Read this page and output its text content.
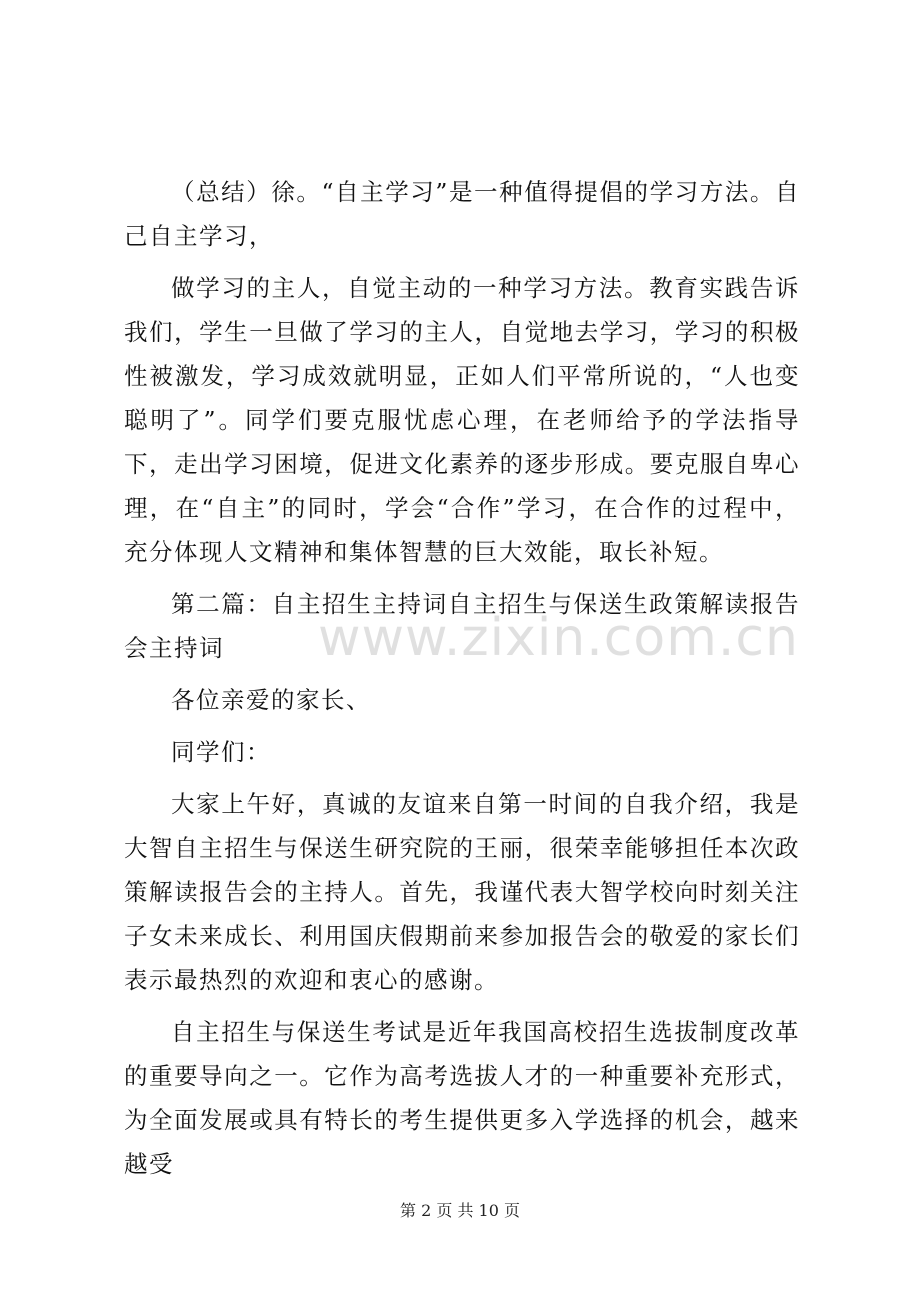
www.zixin.com.cn

（总结）徐。“自主学习”是一种值得提倡的学习方法。自己自主学习，

做学习的主人，自觉主动的一种学习方法。教育实践告诉我们，学生一旦做了学习的主人，自觉地去学习，学习的积极性被激发，学习成效就明显，正如人们平常所说的，“人也变聪明了”。同学们要克服忧虑心理，在老师给予的学法指导下，走出学习困境，促进文化素养的逐步形成。要克服自卑心理，在“自主”的同时，学会“合作”学习，在合作的过程中，充分体现人文精神和集体智慧的巨大效能，取长补短。

第二篇：自主招生主持词自主招生与保送生政策解读报告会主持词

各位亲爱的家长、

同学们：

大家上午好，真诚的友谊来自第一时间的自我介绍，我是大智自主招生与保送生研究院的王丽，很荣幸能够担任本次政策解读报告会的主持人。首先，我谨代表大智学校向时刻关注子女未来成长、利用国庆假期前来参加报告会的敬爱的家长们表示最热烈的欢迎和衷心的感谢。

自主招生与保送生考试是近年我国高校招生选拔制度改革的重要导向之一。它作为高考选拔人才的一种重要补充形式，为全面发展或具有特长的考生提供更多入学选择的机会，越来越受

第 2 页 共 10 页
